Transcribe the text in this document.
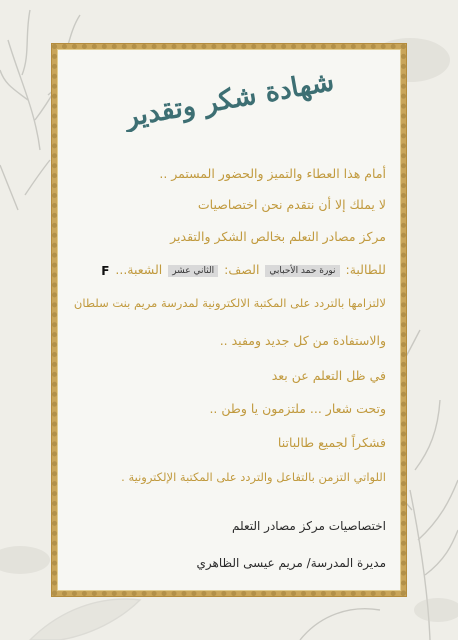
شهادة شكر وتقدير
أمام هذا العطاء والتميز والحضور المستمر ..
لا يملك إلا أن نتقدم نحن اختصاصيات
مركز مصادر التعلم بخالص الشكر والتقدير
للطالبة: نورة حمد الأحبابي الصف: الثاني عشر الشعبة... F
لالتزامها بالتردد على المكتبة الالكترونية لمدرسة مريم بنت سلطان
والاستفادة من كل جديد ومفيد ..
في ظل التعلم عن بعد
وتحت شعار ... ملتزمون يا وطن ..
فشكراً لجميع طالباتنا
اللواتي التزمن بالتفاعل والتردد على المكتبة الإلكترونية .
اختصاصيات مركز مصادر التعلم
مديرة المدرسة/ مريم عيسى الظاهري
